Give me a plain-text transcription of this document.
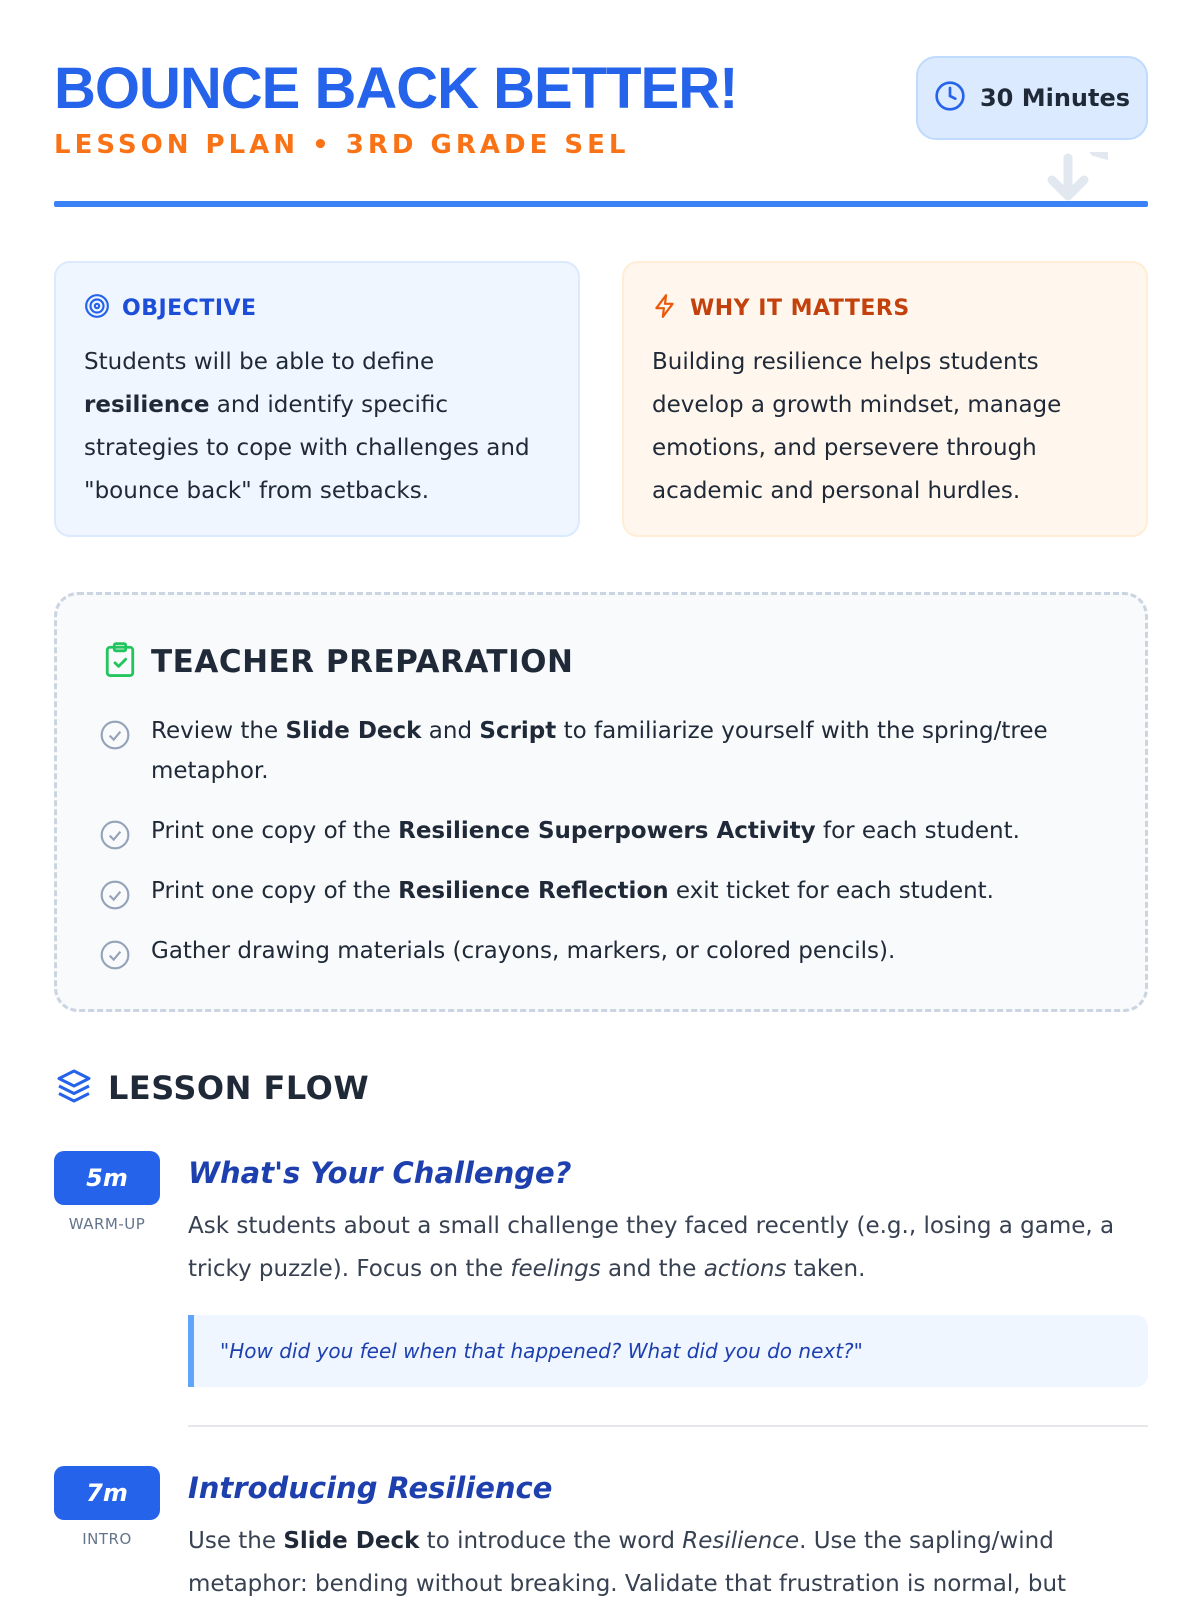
BOUNCE BACK BETTER!
LESSON PLAN • 3RD GRADE SEL
30 Minutes
OBJECTIVE

Students will be able to define resilience and identify specific strategies to cope with challenges and "bounce back" from setbacks.

WHY IT MATTERS

Building resilience helps students develop a growth mindset, manage emotions, and persevere through academic and personal hurdles.

TEACHER PREPARATION
Review the Slide Deck and Script to familiarize yourself with the spring/tree metaphor.
Print one copy of the Resilience Superpowers Activity for each student.
Print one copy of the Resilience Reflection exit ticket for each student.
Gather drawing materials (crayons, markers, or colored pencils).
LESSON FLOW
5m
WARM-UP
What's Your Challenge?
Ask students about a small challenge they faced recently (e.g., losing a game, a tricky puzzle). Focus on the feelings and the actions taken.
"How did you feel when that happened? What did you do next?"
7m
INTRO
Introducing Resilience
Use the Slide Deck to introduce the word Resilience. Use the sapling/wind metaphor: bending without breaking. Validate that frustration is normal, but
